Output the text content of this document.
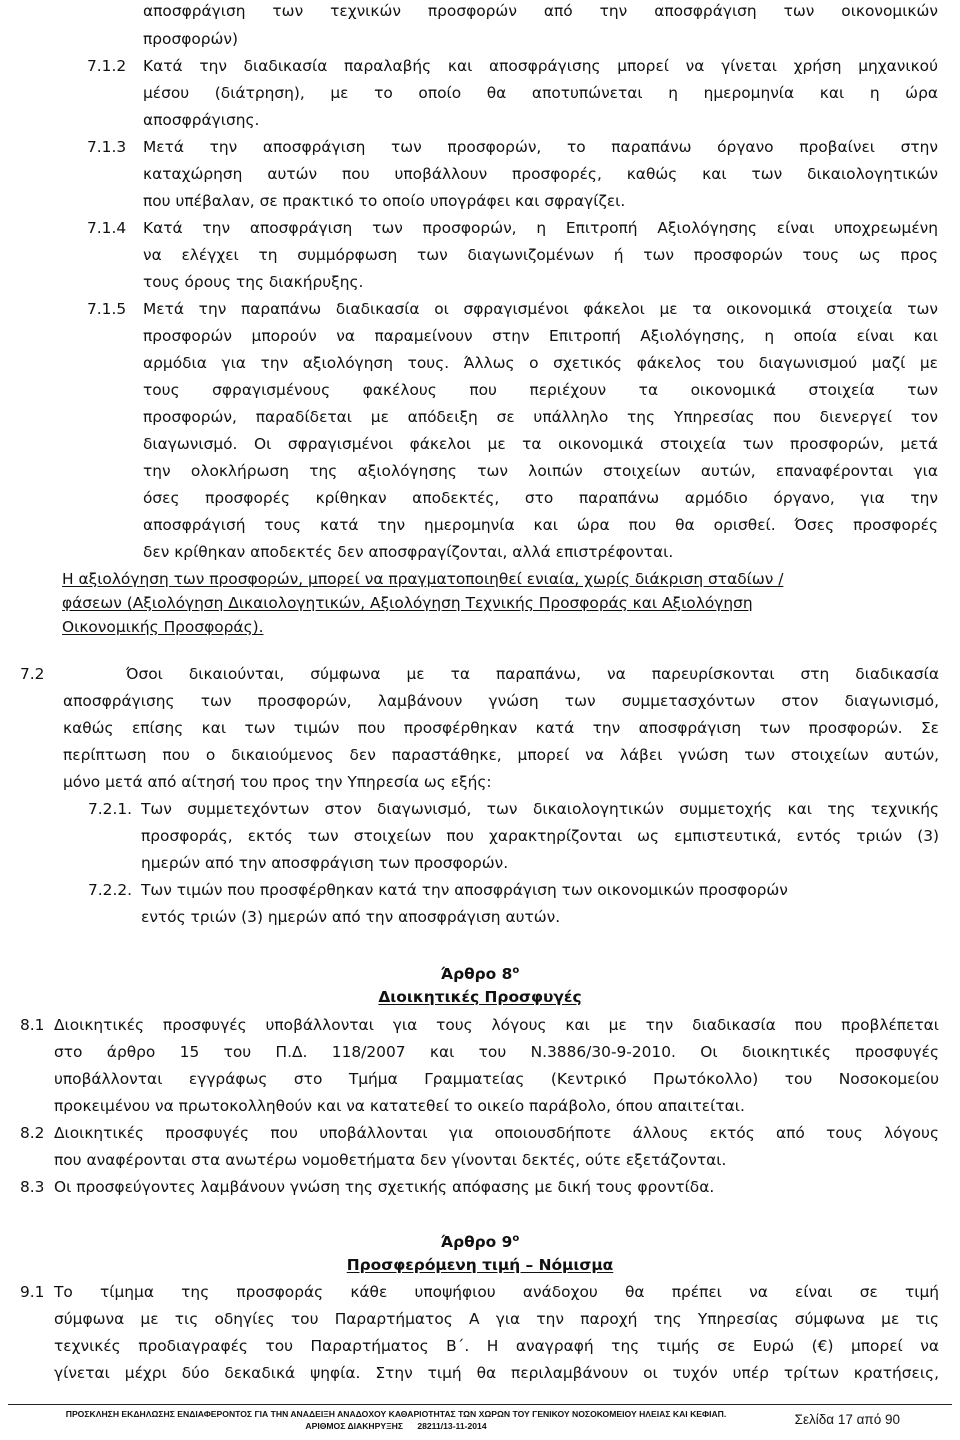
αποσφράγιση των τεχνικών προσφορών από την αποσφράγιση των οικονομικών
προσφορών)
7.1.2 Κατά την διαδικασία παραλαβής και αποσφράγισης μπορεί να γίνεται χρήση μηχανικού
μέσου (διάτρηση), με το οποίο θα αποτυπώνεται η ημερομηνία και η ώρα
αποσφράγισης.
7.1.3 Μετά την αποσφράγιση των προσφορών, το παραπάνω όργανο προβαίνει στην
καταχώρηση αυτών που υποβάλλουν προσφορές, καθώς και των δικαιολογητικών
που υπέβαλαν, σε πρακτικό το οποίο υπογράφει και σφραγίζει.
7.1.4 Κατά την αποσφράγιση των προσφορών, η Επιτροπή Αξιολόγησης είναι υποχρεωμένη
να ελέγχει τη συμμόρφωση των διαγωνιζομένων ή των προσφορών τους ως προς
τους όρους της διακήρυξης.
7.1.5 Μετά την παραπάνω διαδικασία οι σφραγισμένοι φάκελοι με τα οικονομικά στοιχεία των
προσφορών μπορούν να παραμείνουν στην Επιτροπή Αξιολόγησης, η οποία είναι και
αρμόδια για την αξιολόγηση τους. Άλλως ο σχετικός φάκελος του διαγωνισμού μαζί με
τους σφραγισμένους φακέλους που περιέχουν τα οικονομικά στοιχεία των
προσφορών, παραδίδεται με απόδειξη σε υπάλληλο της Υπηρεσίας που διενεργεί τον
διαγωνισμό. Οι σφραγισμένοι φάκελοι με τα οικονομικά στοιχεία των προσφορών, μετά
την ολοκλήρωση της αξιολόγησης των λοιπών στοιχείων αυτών, επαναφέρονται για
όσες προσφορές κρίθηκαν αποδεκτές, στο παραπάνω αρμόδιο όργανο, για την
αποσφράγισή τους κατά την ημερομηνία και ώρα που θα ορισθεί. Όσες προσφορές
δεν κρίθηκαν αποδεκτές δεν αποσφραγίζονται, αλλά επιστρέφονται.
Η αξιολόγηση των προσφορών, μπορεί να πραγματοποιηθεί ενιαία, χωρίς διάκριση σταδίων /
φάσεων (Αξιολόγηση Δικαιολογητικών, Αξιολόγηση Τεχνικής Προσφοράς και Αξιολόγηση
Οικονομικής Προσφοράς).
7.2	Όσοι δικαιούνται, σύμφωνα με τα παραπάνω, να παρευρίσκονται στη διαδικασία
αποσφράγισης των προσφορών, λαμβάνουν γνώση των συμμετασχόντων στον διαγωνισμό,
καθώς επίσης και των τιμών που προσφέρθηκαν κατά την αποσφράγιση των προσφορών. Σε
περίπτωση που ο δικαιούμενος δεν παραστάθηκε, μπορεί να λάβει γνώση των στοιχείων αυτών,
μόνο μετά από αίτησή του προς την Υπηρεσία ως εξής:
7.2.1. Των συμμετεχόντων στον διαγωνισμό, των δικαιολογητικών συμμετοχής και της τεχνικής
προσφοράς, εκτός των στοιχείων που χαρακτηρίζονται ως εμπιστευτικά, εντός τριών (3)
ημερών από την αποσφράγιση των προσφορών.
7.2.2. Των τιμών που προσφέρθηκαν κατά την αποσφράγιση των οικονομικών προσφορών
εντός τριών (3) ημερών από την αποσφράγιση αυτών.
Άρθρο $8^o$
Διοικητικές Προσφυγές
8.1 Διοικητικές προσφυγές υποβάλλονται για τους λόγους και με την διαδικασία που προβλέπεται
στο άρθρο 15 του Π.Δ. 118/2007 και του Ν.3886/30-9-2010. Οι διοικητικές προσφυγές
υποβάλλονται εγγράφως στο Τμήμα Γραμματείας (Κεντρικό Πρωτόκολλο) του Νοσοκομείου
προκειμένου να πρωτοκολληθούν και να κατατεθεί το οικείο παράβολο, όπου απαιτείται.
8.2 Διοικητικές προσφυγές που υποβάλλονται για οποιουσδήποτε άλλους εκτός από τους λόγους
που αναφέρονται στα ανωτέρω νομοθετήματα δεν γίνονται δεκτές, ούτε εξετάζονται.
8.3 Οι προσφεύγοντες λαμβάνουν γνώση της σχετικής απόφασης με δική τους φροντίδα.
Άρθρο $9^o$
Προσφερόμενη τιμή – Νόμισμα
9.1 Το τίμημα της προσφοράς κάθε υποψήφιου ανάδοχου θα πρέπει να είναι σε τιμή
σύμφωνα με τις οδηγίες του Παραρτήματος Α για την παροχή της Υπηρεσίας σύμφωνα με τις
τεχνικές προδιαγραφές του Παραρτήματος Β΄. Η αναγραφή της τιμής σε Ευρώ (€) μπορεί να
γίνεται μέχρι δύο δεκαδικά ψηφία. Στην τιμή θα περιλαμβάνουν οι τυχόν υπέρ τρίτων κρατήσεις,
ΠΡΟΣΚΛΗΣΗ ΕΚΔΗΛΩΣΗΣ ΕΝΔΙΑΦΕΡΟΝΤΟΣ ΓΙΑ ΤΗΝ ΑΝΑΔΕΙΞΗ ΑΝΑΔΟΧΟΥ ΚΑΘΑΡΙΟΤΗΤΑΣ ΤΩΝ ΧΩΡΩΝ ΤΟΥ ΓΕΝΙΚΟΥ ΝΟΣΟΚΟΜΕΙΟΥ ΗΛΕΙΑΣ ΚΑΙ ΚΕΦΙΑΠ.
ΑΡΙΘΜΟΣ ΔΙΑΚΗΡΥΞΗΣ      28211/13-11-2014	Σελίδα 17 από 90
